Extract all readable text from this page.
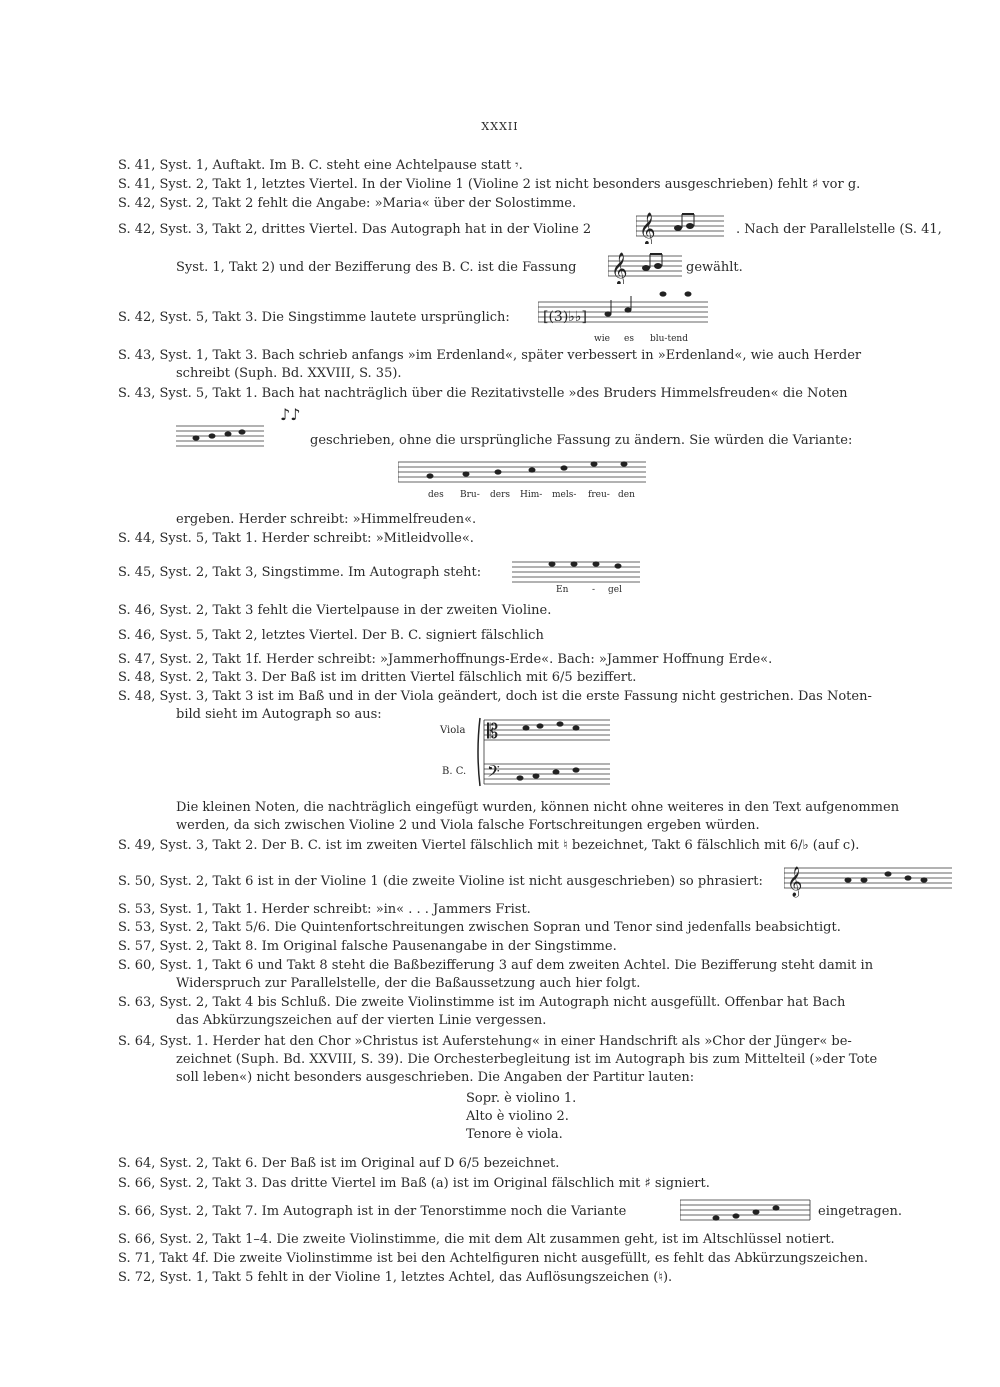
XXXII
S. 41, Syst. 1, Auftakt. Im B. C. steht eine Achtelpause statt 𝄾.
S. 41, Syst. 2, Takt 1, letztes Viertel. In der Violine 1 (Violine 2 ist nicht besonders ausgeschrieben) fehlt ♯ vor g.
S. 42, Syst. 2, Takt 2 fehlt die Angabe: »Maria« über der Solostimme.
S. 42, Syst. 3, Takt 2, drittes Viertel. Das Autograph hat in der Violine 2	. Nach der Parallelstelle (S. 41,
𝄞
Syst. 1, Takt 2) und der Bezifferung des B. C. ist die Fassung	gewählt.
𝄞
S. 42, Syst. 5, Takt 3. Die Singstimme lautete ursprünglich: [(3)♭♭]
wie es blu-tend
S. 43, Syst. 1, Takt 3. Bach schrieb anfangs »im Erdenland«, später verbessert in »Erdenland«, wie auch Herder
schreibt (Suph. Bd. XXVIII, S. 35).
S. 43, Syst. 5, Takt 1. Bach hat nachträglich über die Rezitativstelle »des Bruders Himmelsfreuden« die Noten
♪♪
geschrieben, ohne die ursprüngliche Fassung zu ändern. Sie würden die Variante:
des Bru- ders Him- mels- freu- den
ergeben. Herder schreibt: »Himmelfreuden«.
S. 44, Syst. 5, Takt 1. Herder schreibt: »Mitleidvolle«.
S. 45, Syst. 2, Takt 3, Singstimme. Im Autograph steht:
En	- gel
S. 46, Syst. 2, Takt 3 fehlt die Viertelpause in der zweiten Violine.
S. 46, Syst. 5, Takt 2, letztes Viertel. Der B. C. signiert fälschlich
S. 47, Syst. 2, Takt 1f. Herder schreibt: »Jammerhoffnungs-Erde«. Bach: »Jammer Hoffnung Erde«.
S. 48, Syst. 2, Takt 3. Der Baß ist im dritten Viertel fälschlich mit 6/5 beziffert.
S. 48, Syst. 3, Takt 3 ist im Baß und in der Viola geändert, doch ist die erste Fassung nicht gestrichen. Das Noten-
bild sieht im Autograph so aus:
Viola
B. C.
𝄡
𝄢
Die kleinen Noten, die nachträglich eingefügt wurden, können nicht ohne weiteres in den Text aufgenommen
werden, da sich zwischen Violine 2 und Viola falsche Fortschreitungen ergeben würden.
S. 49, Syst. 3, Takt 2. Der B. C. ist im zweiten Viertel fälschlich mit ♮ bezeichnet, Takt 6 fälschlich mit 6/♭ (auf c).
S. 50, Syst. 2, Takt 6 ist in der Violine 1 (die zweite Violine ist nicht ausgeschrieben) so phrasiert: 𝄞
S. 53, Syst. 1, Takt 1. Herder schreibt: »in« . . . Jammers Frist.
S. 53, Syst. 2, Takt 5/6. Die Quintenfortschreitungen zwischen Sopran und Tenor sind jedenfalls beabsichtigt.
S. 57, Syst. 2, Takt 8. Im Original falsche Pausenangabe in der Singstimme.
S. 60, Syst. 1, Takt 6 und Takt 8 steht die Baßbezifferung 3 auf dem zweiten Achtel. Die Bezifferung steht damit in
Widerspruch zur Parallelstelle, der die Baßaussetzung auch hier folgt.
S. 63, Syst. 2, Takt 4 bis Schluß. Die zweite Violinstimme ist im Autograph nicht ausgefüllt. Offenbar hat Bach
das Abkürzungszeichen auf der vierten Linie vergessen.
S. 64, Syst. 1. Herder hat den Chor »Christus ist Auferstehung« in einer Handschrift als »Chor der Jünger« be-
zeichnet (Suph. Bd. XXVIII, S. 39). Die Orchesterbegleitung ist im Autograph bis zum Mittelteil (»der Tote
soll leben«) nicht besonders ausgeschrieben. Die Angaben der Partitur lauten:
Sopr. è violino 1.
Alto è violino 2.
Tenore è viola.
S. 64, Syst. 2, Takt 6. Der Baß ist im Original auf D 6/5 bezeichnet.
S. 66, Syst. 2, Takt 3. Das dritte Viertel im Baß (a) ist im Original fälschlich mit ♯ signiert.
S. 66, Syst. 2, Takt 7. Im Autograph ist in der Tenorstimme noch die Variante	eingetragen.
S. 66, Syst. 2, Takt 1–4. Die zweite Violinstimme, die mit dem Alt zusammen geht, ist im Altschlüssel notiert.
S. 71, Takt 4f. Die zweite Violinstimme ist bei den Achtelfiguren nicht ausgefüllt, es fehlt das Abkürzungszeichen.
S. 72, Syst. 1, Takt 5 fehlt in der Violine 1, letztes Achtel, das Auflösungszeichen (♮).
